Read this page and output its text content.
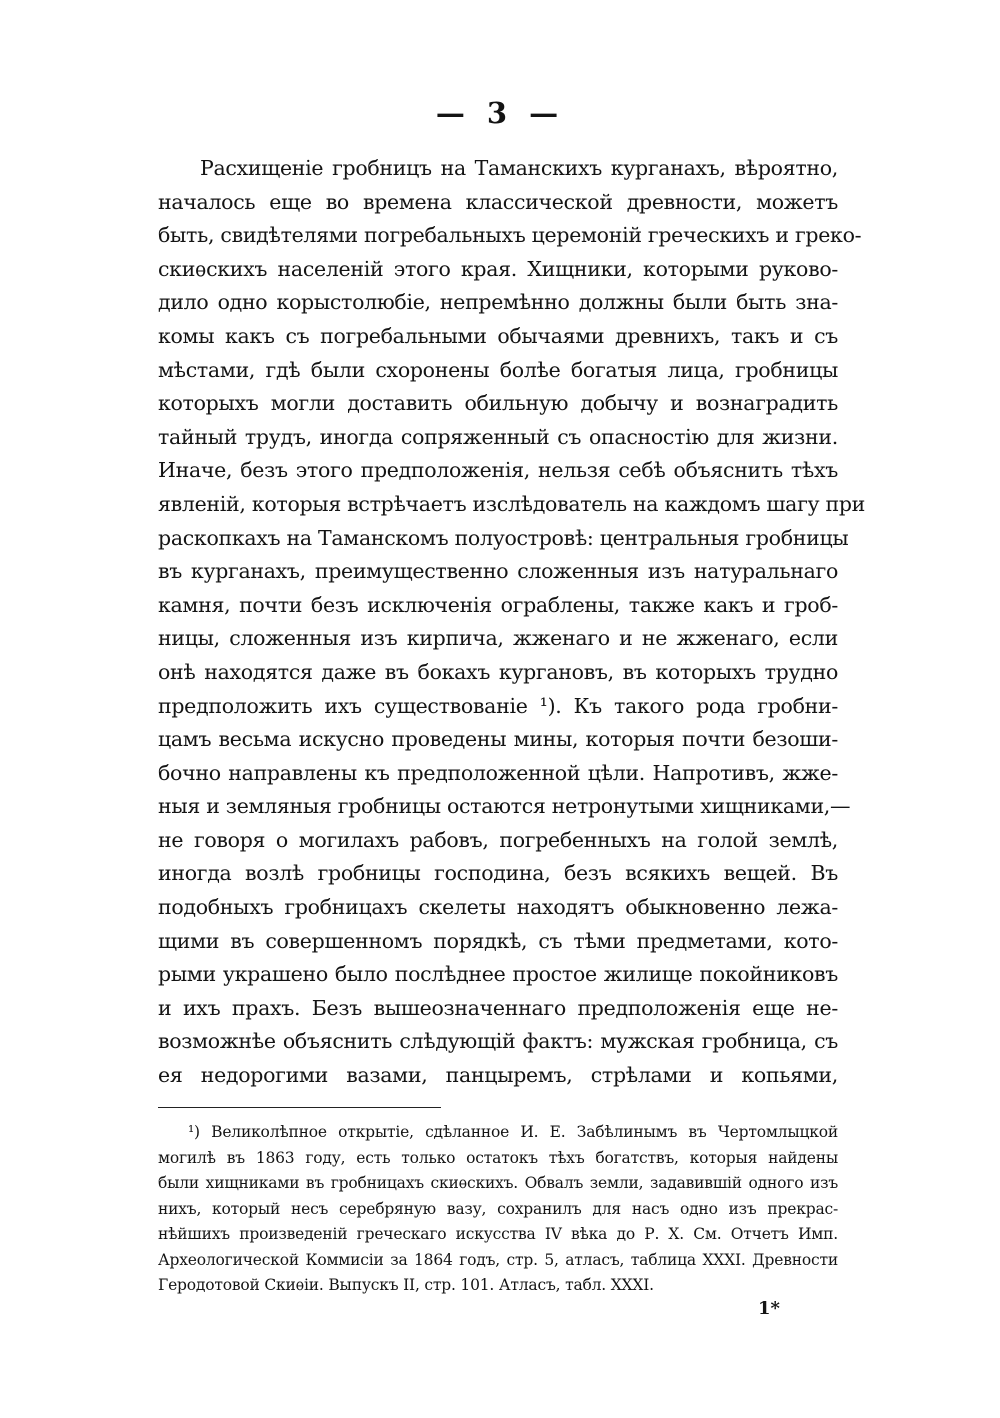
— 3 —
Расхищенiе гробницъ на Таманскихъ курганахъ, вѣроятно,
началось еще во времена классической древности, можетъ
быть, свидѣтелями погребальныхъ церемонiй греческихъ и греко-
скиѳскихъ населенiй этого края. Хищники, которыми руково-
дило одно корыстолюбiе, непремѣнно должны были быть зна-
комы какъ съ погребальными обычаями древнихъ, такъ и съ
мѣстами, гдѣ были схоронены болѣе богатыя лица, гробницы
которыхъ могли доставить обильную добычу и вознаградить
тайный трудъ, иногда сопряженный съ опасностiю для жизни.
Иначе, безъ этого предположенiя, нельзя себѣ объяснить тѣхъ
явленiй, которыя встрѣчаетъ изслѣдователь на каждомъ шагу при
раскопкахъ на Таманскомъ полуостровѣ: центральныя гробницы
въ курганахъ, преимущественно сложенныя изъ натуральнаго
камня, почти безъ исключенiя ограблены, также какъ и гроб-
ницы, сложенныя изъ кирпича, жженаго и не жженаго, если
онѣ находятся даже въ бокахъ кургановъ, въ которыхъ трудно
предположить ихъ существованiе ¹). Къ такого рода гробни-
цамъ весьма искусно проведены мины, которыя почти безоши-
бочно направлены къ предположенной цѣли. Напротивъ, жже-
ныя и земляныя гробницы остаются нетронутыми хищниками,—
не говоря о могилахъ рабовъ, погребенныхъ на голой землѣ,
иногда возлѣ гробницы господина, безъ всякихъ вещей. Въ
подобныхъ гробницахъ скелеты находятъ обыкновенно лежа-
щими въ совершенномъ порядкѣ, съ тѣми предметами, кото-
рыми украшено было послѣднее простое жилище покойниковъ
и ихъ прахъ. Безъ вышеозначеннаго предположенiя еще не-
возможнѣе объяснить слѣдующiй фактъ: мужская гробница, съ
ея недорогими вазами, панцыремъ, стрѣлами и копьями,
¹) Великолѣпное открытiе, сдѣланное И. Е. Забѣлинымъ въ Чертомлыцкой
могилѣ въ 1863 году, есть только остатокъ тѣхъ богатствъ, которыя найдены
были хищниками въ гробницахъ скиѳскихъ. Обвалъ земли, задавившiй одного изъ
нихъ, который несъ серебряную вазу, сохранилъ для насъ одно изъ прекрас-
нѣйшихъ произведенiй греческаго искусства IV вѣка до Р. Х. См. Отчетъ Имп.
Археологической Коммисiи за 1864 годъ, стр. 5, атласъ, таблица XXXI. Древности
Геродотовой Скиѳiи. Выпускъ II, стр. 101. Атласъ, табл. XXXI.
1*
